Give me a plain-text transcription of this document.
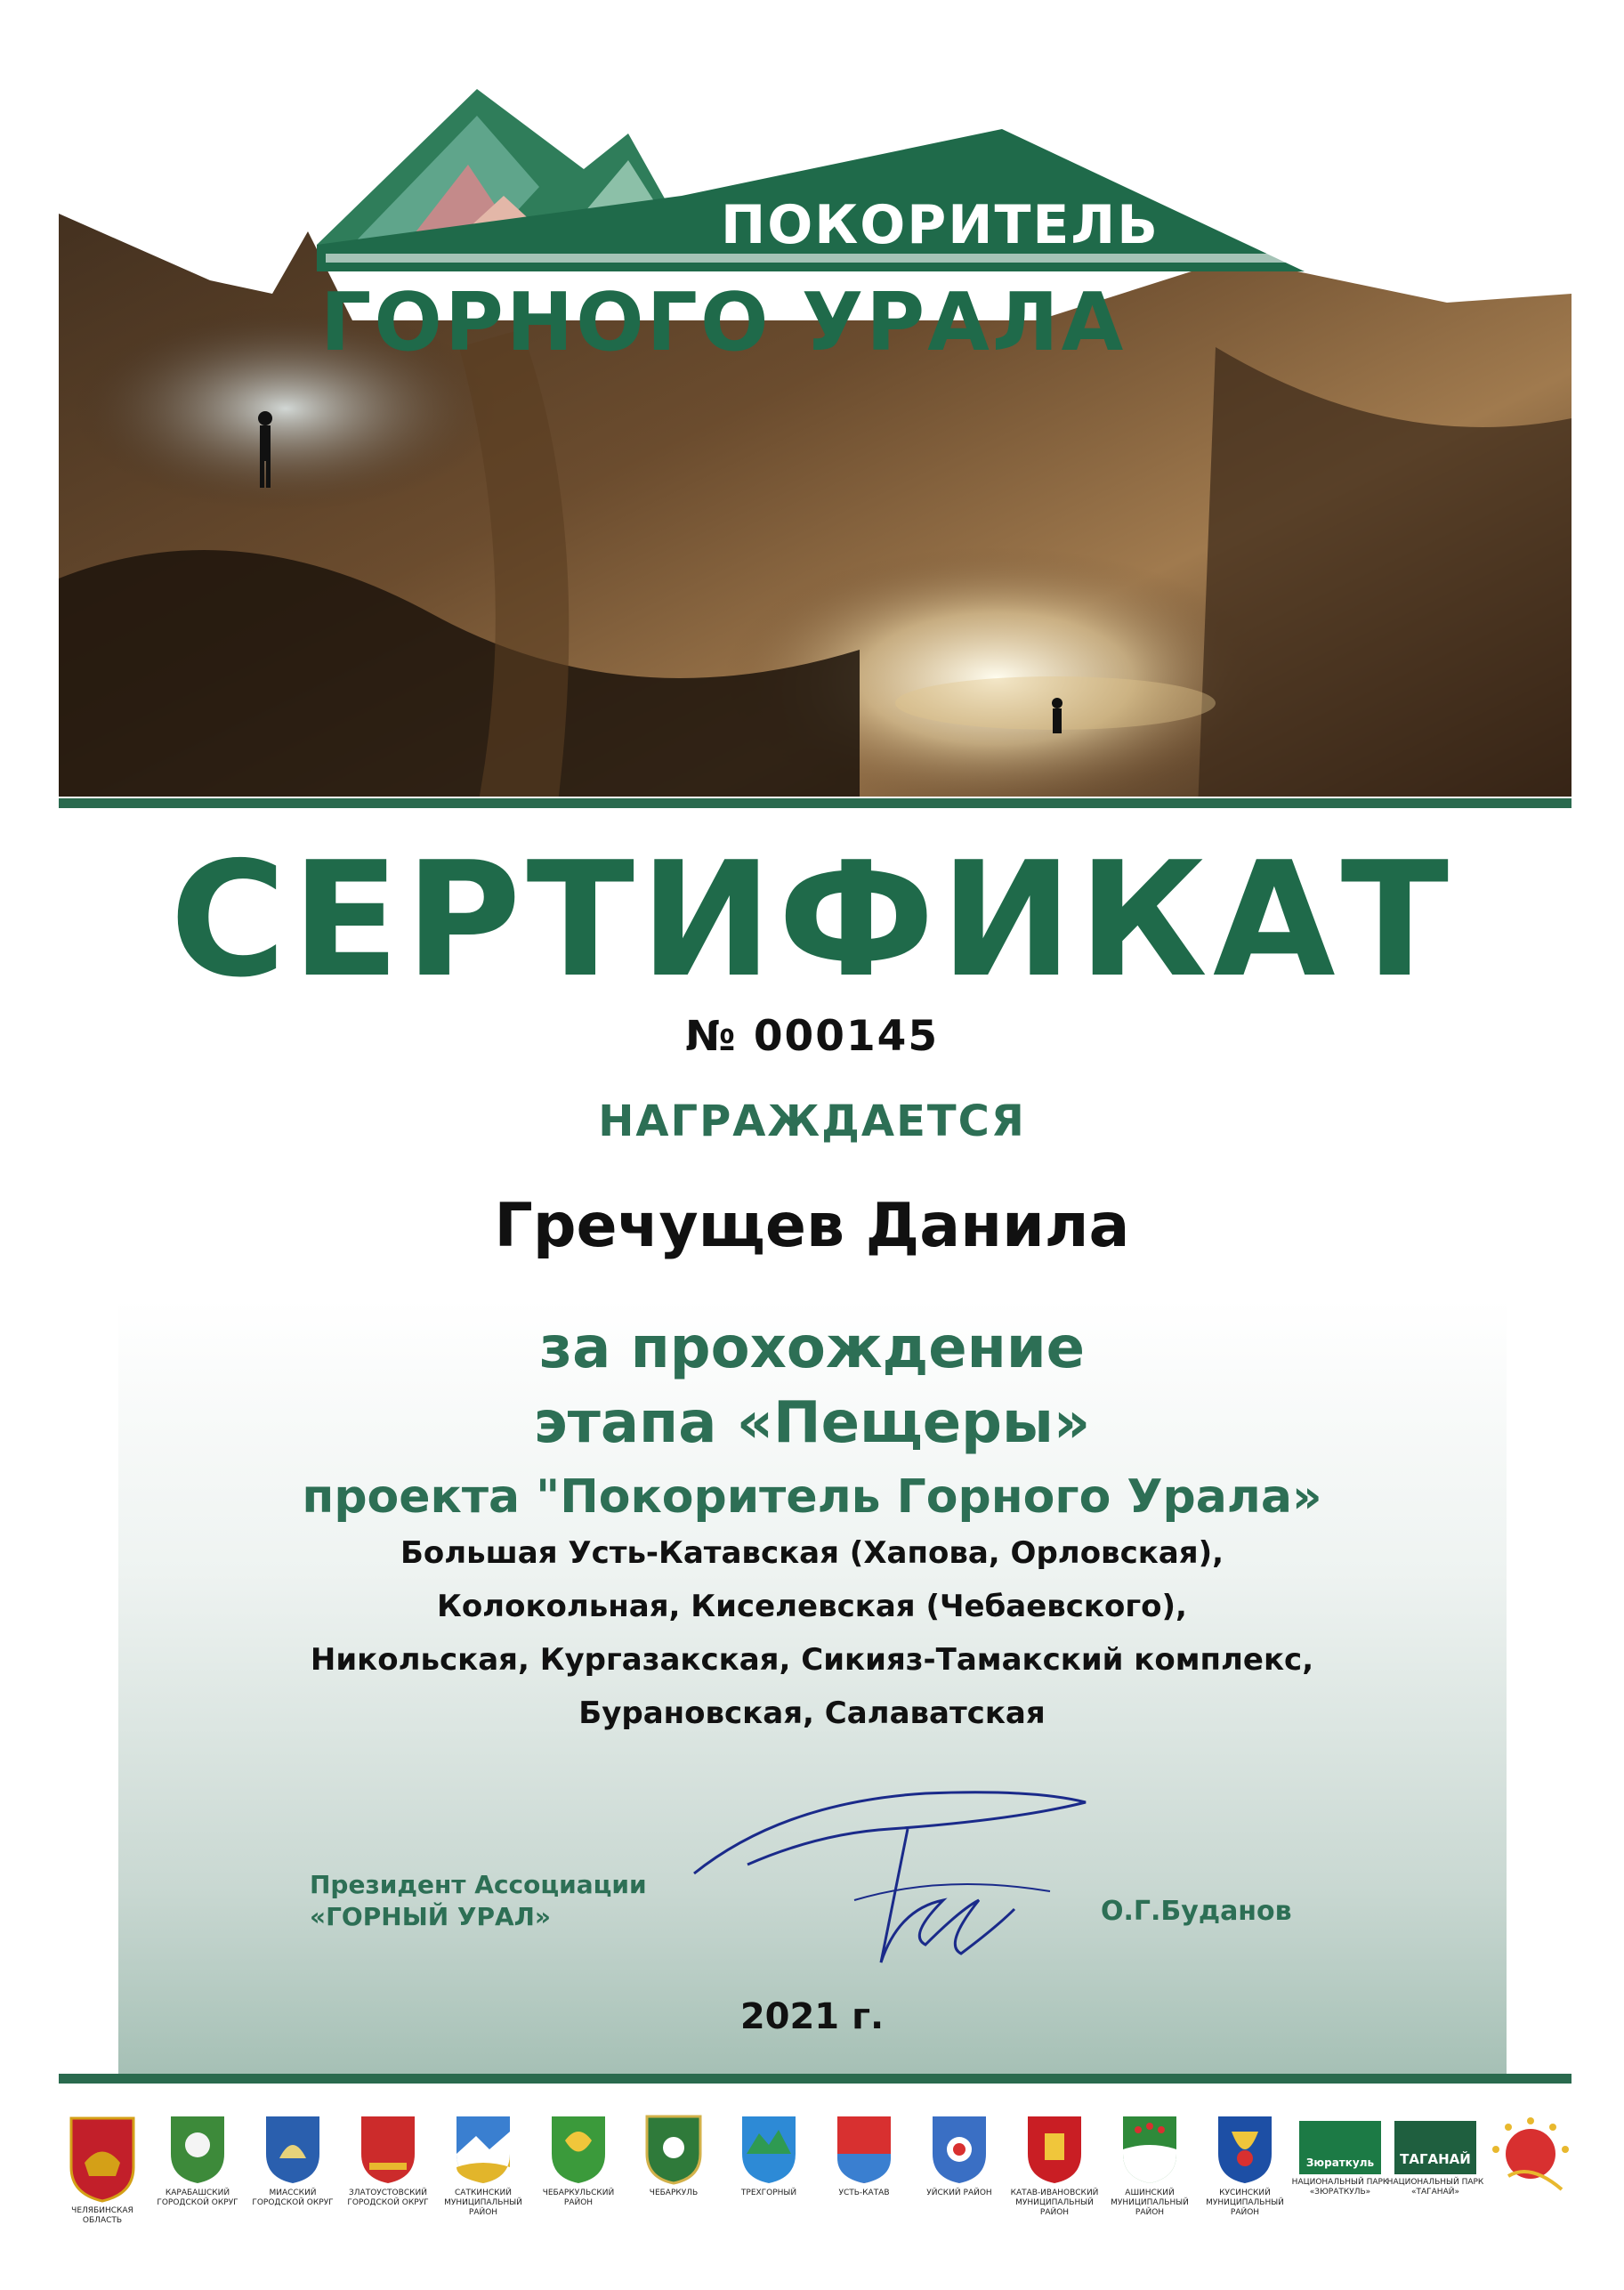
ПОКОРИТЕЛЬ
ГОРНОГО УРАЛА
СЕРТИФИКАТ
№ 000145
НАГРАЖДАЕТСЯ
Гречущев Данила
за прохождение
этапа «Пещеры»
проекта "Покоритель Горного Урала»
Большая Усть-Катавская (Хапова, Орловская),
Колокольная, Киселевская (Чебаевского),
Никольская, Кургазакская, Сикияз-Тамакский комплекс,
Бурановская, Салаватская
Президент Ассоциации
«ГОРНЫЙ УРАЛ»	О.Г.Буданов
2021 г.
ЧЕЛЯБИНСКАЯ ОБЛАСТЬ
КАРАБАШСКИЙ ГОРОДСКОЙ ОКРУГ
МИАССКИЙ ГОРОДСКОЙ ОКРУГ
ЗЛАТОУСТОВСКИЙ ГОРОДСКОЙ ОКРУГ
САТКИНСКИЙ МУНИЦИПАЛЬНЫЙ РАЙОН
ЧЕБАРКУЛЬСКИЙ РАЙОН
ЧЕБАРКУЛЬ	ТРЕХГОРНЫЙ	УСТЬ-КАТАВ	УЙСКИЙ РАЙОН	КАТАВ-ИВАНОВСКИЙ МУНИЦИПАЛЬНЫЙ РАЙОН
АШИНСКИЙ МУНИЦИПАЛЬНЫЙ РАЙОН
КУСИНСКИЙ МУНИЦИПАЛЬНЫЙ РАЙОН
Зюраткуль
НАЦИОНАЛЬНЫЙ ПАРК «ЗЮРАТКУЛЬ»
ТАГАНАЙ
НАЦИОНАЛЬНЫЙ ПАРК «ТАГАНАЙ»
